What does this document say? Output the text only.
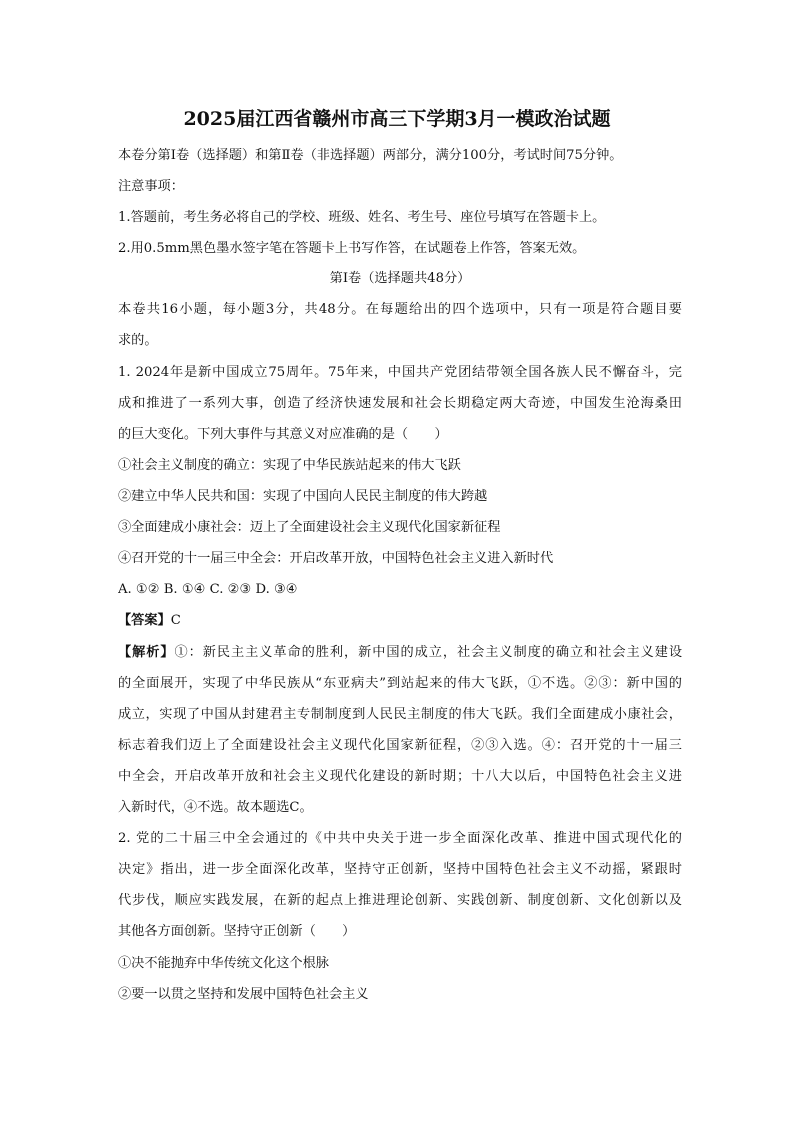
2025届江西省赣州市高三下学期3月一模政治试题
本卷分第Ⅰ卷（选择题）和第Ⅱ卷（非选择题）两部分，满分100分，考试时间75分钟。
注意事项：
1.答题前，考生务必将自己的学校、班级、姓名、考生号、座位号填写在答题卡上。
2.用0.5mm黑色墨水签字笔在答题卡上书写作答，在试题卷上作答，答案无效。
第Ⅰ卷（选择题共48分）
本卷共16小题，每小题3分，共48分。在每题给出的四个选项中，只有一项是符合题目要
求的。
1. 2024年是新中国成立75周年。75年来，中国共产党团结带领全国各族人民不懈奋斗，完
成和推进了一系列大事，创造了经济快速发展和社会长期稳定两大奇迹，中国发生沧海桑田
的巨大变化。下列大事件与其意义对应准确的是（　　）
①社会主义制度的确立：实现了中华民族站起来的伟大飞跃
②建立中华人民共和国：实现了中国向人民民主制度的伟大跨越
③全面建成小康社会：迈上了全面建设社会主义现代化国家新征程
④召开党的十一届三中全会：开启改革开放，中国特色社会主义进入新时代
A. ①② B. ①④ C. ②③ D. ③④
【答案】C
【解析】①：新民主主义革命的胜利，新中国的成立，社会主义制度的确立和社会主义建设
的全面展开，实现了中华民族从“东亚病夫”到站起来的伟大飞跃，①不选。②③：新中国的
成立，实现了中国从封建君主专制制度到人民民主制度的伟大飞跃。我们全面建成小康社会，
标志着我们迈上了全面建设社会主义现代化国家新征程，②③入选。④：召开党的十一届三
中全会，开启改革开放和社会主义现代化建设的新时期；十八大以后，中国特色社会主义进
入新时代，④不选。故本题选C。
2. 党的二十届三中全会通过的《中共中央关于进一步全面深化改革、推进中国式现代化的
决定》指出，进一步全面深化改革，坚持守正创新，坚持中国特色社会主义不动摇，紧跟时
代步伐，顺应实践发展，在新的起点上推进理论创新、实践创新、制度创新、文化创新以及
其他各方面创新。坚持守正创新（　　）
①决不能抛弃中华传统文化这个根脉
②要一以贯之坚持和发展中国特色社会主义
